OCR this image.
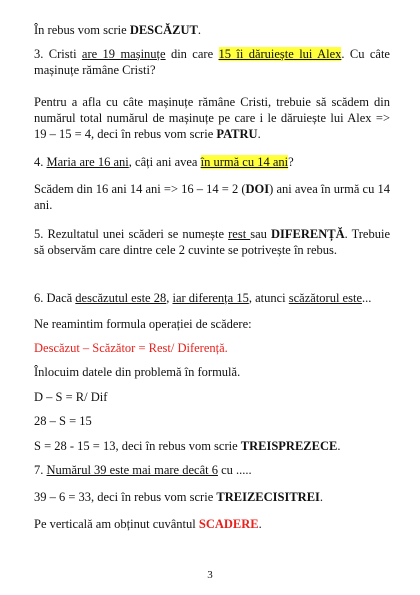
În rebus vom scrie DESCĂZUT.

3. Cristi are 19 mașinuțe din care 15 îi dăruiește lui Alex. Cu câte mașinuțe rămâne Cristi?

Pentru a afla cu câte mașinuțe rămâne Cristi, trebuie să scădem din numărul total numărul de mașinuțe pe care i le dăruiește lui Alex => 19 – 15 = 4, deci în rebus vom scrie PATRU.

4. Maria are 16 ani, câți ani avea în urmă cu 14 ani?

Scădem din 16 ani 14 ani => 16 – 14 = 2 (DOI) ani avea în urmă cu 14 ani.

5. Rezultatul unei scăderi se numește rest sau DIFERENȚĂ. Trebuie să observăm care dintre cele 2 cuvinte se potrivește în rebus.

6. Dacă descăzutul este 28, iar diferența 15, atunci scăzătorul este...

Ne reamintim formula operației de scădere:

Descăzut – Scăzător = Rest/ Diferență.

Înlocuim datele din problemă în formulă.

D – S = R/ Dif

28 – S = 15

S = 28 - 15 = 13, deci în rebus vom scrie TREISPREZECE.

7. Numărul 39 este mai mare decât 6 cu .....

39 – 6 = 33, deci în rebus vom scrie TREIZECISITREI.

Pe verticală am obținut cuvântul SCADERE.

3
